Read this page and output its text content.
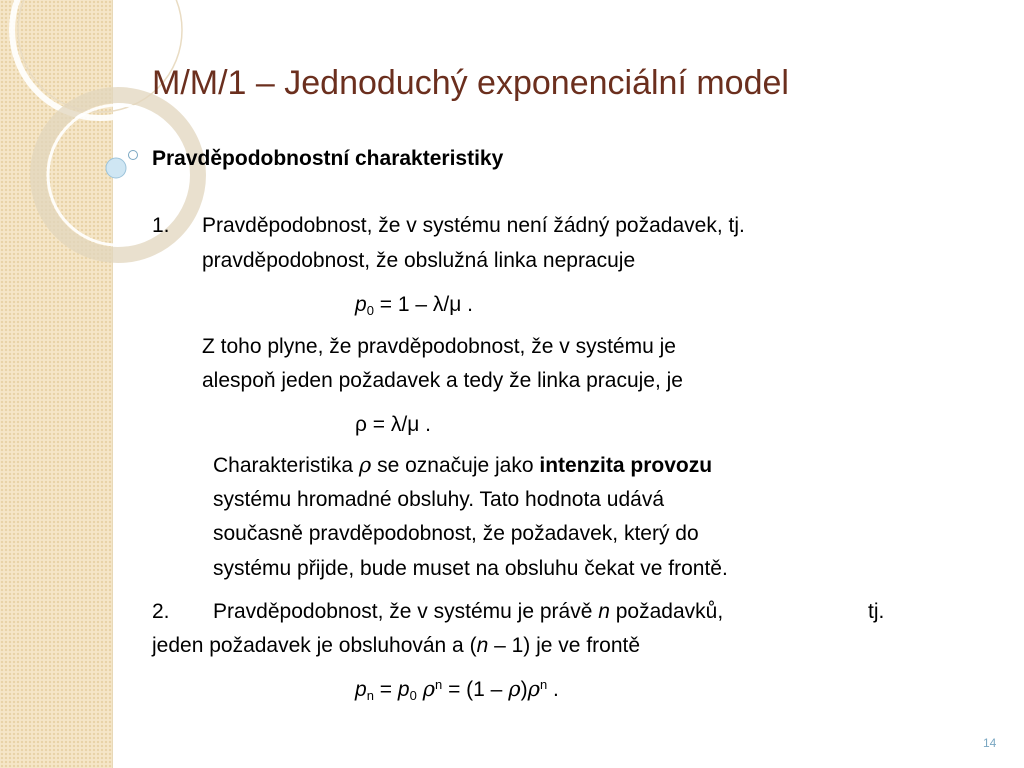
M/M/1 – Jednoduchý exponenciální model
Pravděpodobnostní charakteristiky
1. Pravděpodobnost, že v systému není žádný požadavek, tj.
pravděpodobnost, že obslužná linka nepracuje
$p_0 = 1 - \lambda/\mu$ .
Z toho plyne, že pravděpodobnost, že v systému je
alespoň jeden požadavek a tedy že linka pracuje, je
ρ = λ/μ .
Charakteristika ρ se označuje jako intenzita provozu
systému hromadné obsluhy. Tato hodnota udává
současně pravděpodobnost, že požadavek, který do
systému přijde, bude muset na obsluhu čekat ve frontě.
2. Pravděpodobnost, že v systému je právě n požadavků,	tj.
jeden požadavek je obsluhován a (n – 1) je ve frontě
$p_n = p_0$ $\rho^n = (1 - \rho)\rho^n$ .
14
